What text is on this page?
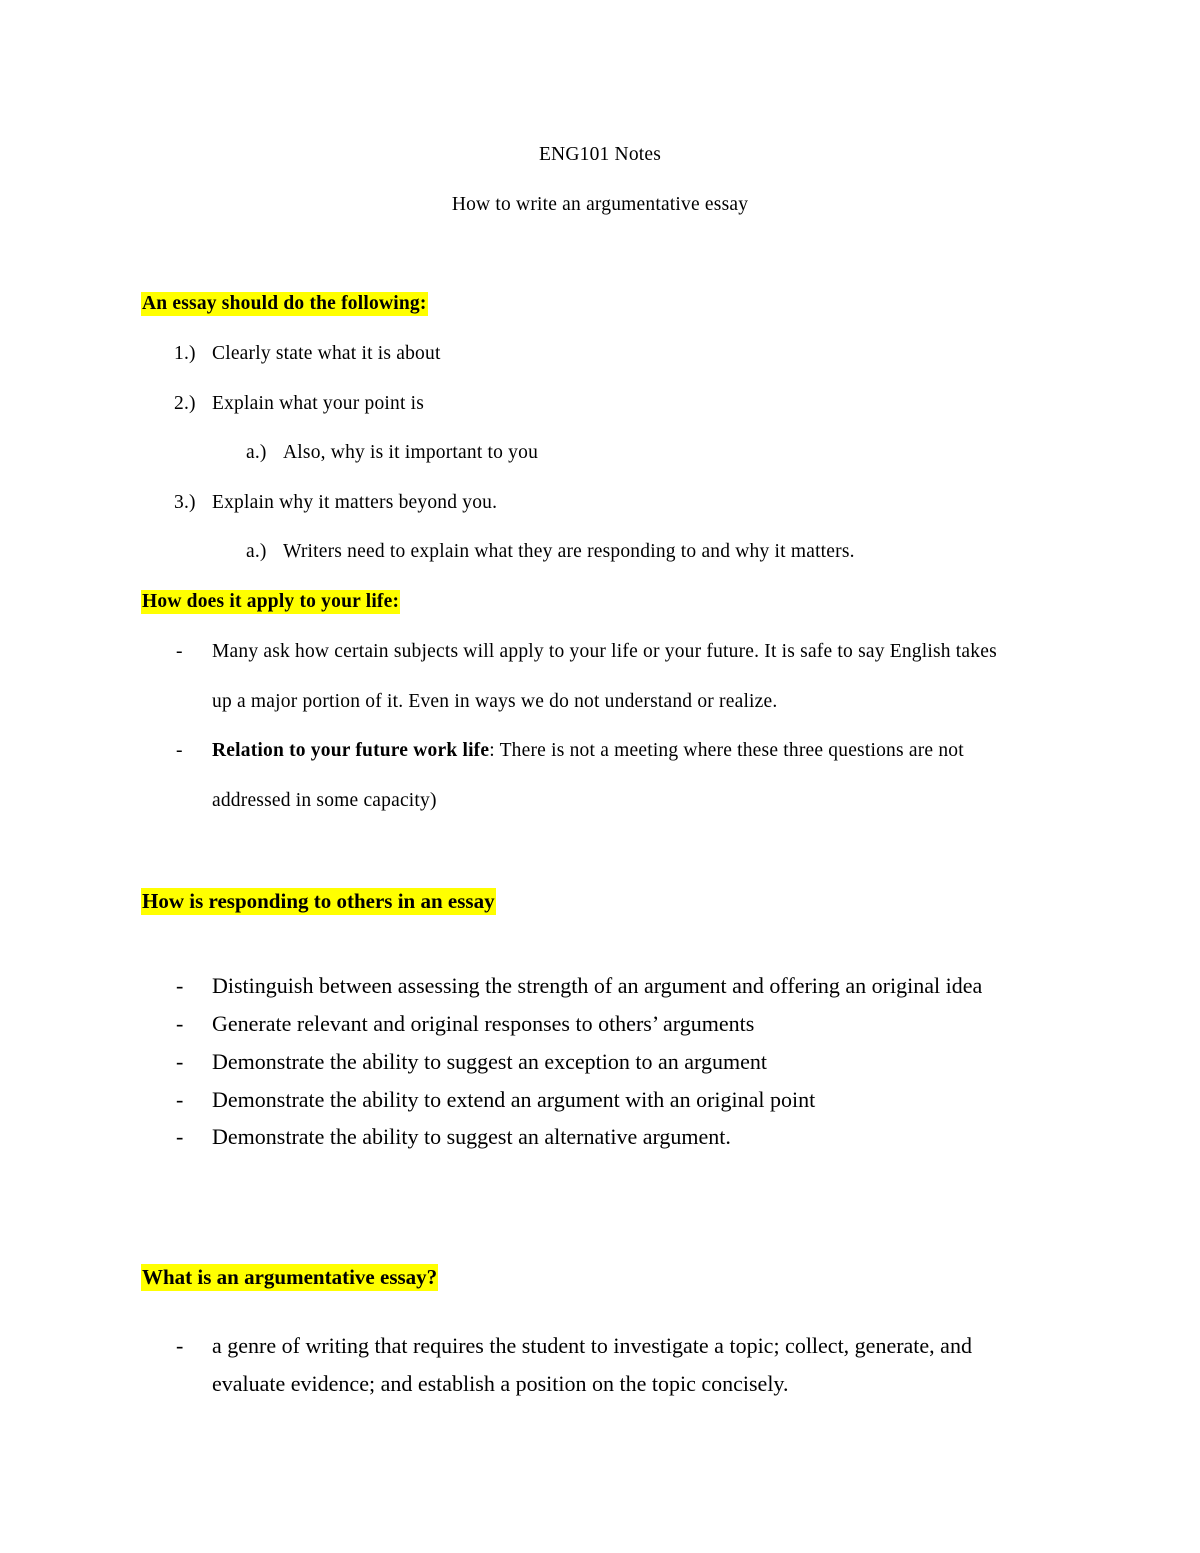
ENG101 Notes
How to write an argumentative essay
An essay should do the following:
1.) Clearly state what it is about
2.) Explain what your point is
a.) Also, why is it important to you
3.) Explain why it matters beyond you.
a.) Writers need to explain what they are responding to and why it matters.
How does it apply to your life:
- Many ask how certain subjects will apply to your life or your future. It is safe to say English takes
up a major portion of it. Even in ways we do not understand or realize.
- Relation to your future work life: There is not a meeting where these three questions are not
addressed in some capacity)
How is responding to others in an essay
- Distinguish between assessing the strength of an argument and offering an original idea
- Generate relevant and original responses to others’ arguments
- Demonstrate the ability to suggest an exception to an argument
- Demonstrate the ability to extend an argument with an original point
- Demonstrate the ability to suggest an alternative argument.
What is an argumentative essay?
- a genre of writing that requires the student to investigate a topic; collect, generate, and
evaluate evidence; and establish a position on the topic concisely.
